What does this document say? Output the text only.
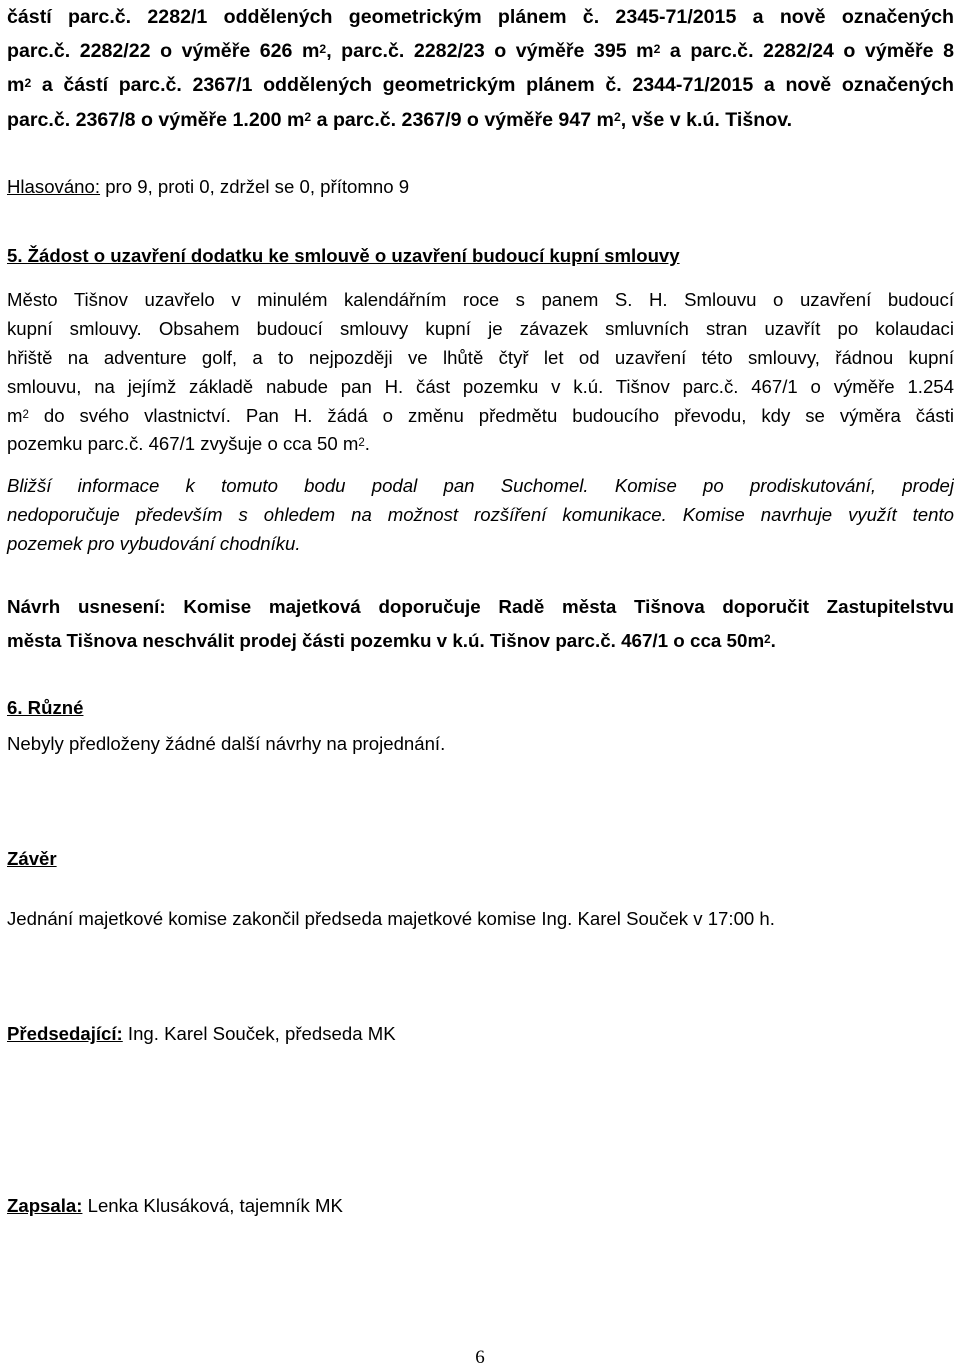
částí parc.č. 2282/1 oddělených geometrickým plánem č. 2345-71/2015 a nově označených
parc.č. 2282/22 o výměře 626 $m^2$, parc.č. 2282/23 o výměře 395 $m^2$ a parc.č. 2282/24 o výměře 8
$m^2$ a částí parc.č. 2367/1 oddělených geometrickým plánem č. 2344-71/2015 a nově označených
parc.č. 2367/8 o výměře 1.200 $m^2$ a parc.č. 2367/9 o výměře 947 $m^2$, vše v k.ú. Tišnov.
Hlasováno: pro 9, proti 0, zdržel se 0, přítomno 9
5. Žádost o uzavření dodatku ke smlouvě o uzavření budoucí kupní smlouvy
Město Tišnov uzavřelo v minulém kalendářním roce s panem S. H. Smlouvu o uzavření budoucí
kupní smlouvy. Obsahem budoucí smlouvy kupní je závazek smluvních stran uzavřít po kolaudaci
hřiště na adventure golf, a to nejpozději ve lhůtě čtyř let od uzavření této smlouvy, řádnou kupní
smlouvu, na jejímž základě nabude pan H. část pozemku v k.ú. Tišnov parc.č. 467/1 o výměře 1.254
$m^2$ do svého vlastnictví. Pan H. žádá o změnu předmětu budoucího převodu, kdy se výměra části
pozemku parc.č. 467/1 zvyšuje o cca 50 $m^2$.
Bližší informace k tomuto bodu podal pan Suchomel. Komise po prodiskutování, prodej
nedoporučuje především s ohledem na možnost rozšíření komunikace. Komise navrhuje využít tento
pozemek pro vybudování chodníku.
Návrh usnesení: Komise majetková doporučuje Radě města Tišnova doporučit Zastupitelstvu
města Tišnova neschválit prodej části pozemku v k.ú. Tišnov parc.č. 467/1 o cca $50m^2$.
6. Různé
Nebyly předloženy žádné další návrhy na projednání.
Závěr
Jednání majetkové komise zakončil předseda majetkové komise Ing. Karel Souček v 17:00 h.
Předsedající: Ing. Karel Souček, předseda MK
Zapsala: Lenka Klusáková, tajemník MK
6
